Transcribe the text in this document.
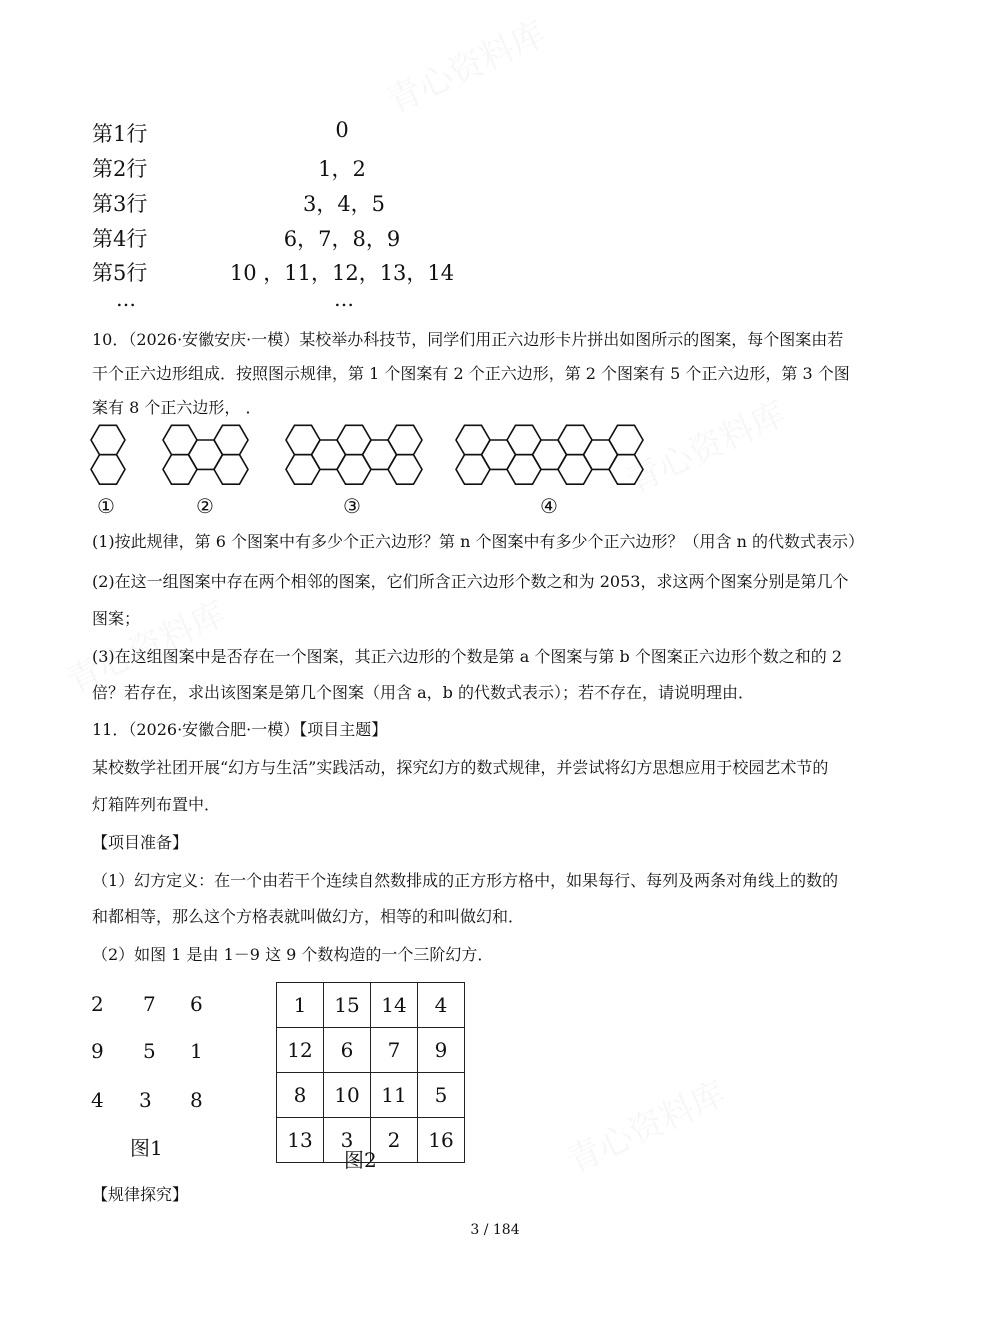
第1行	0
第2行	1，2
第3行	3，4，5
第4行	6，7，8，9
第5行	10 ，11，12，13，14
…	…
10．（2026·安徽安庆·一模）某校举办科技节，同学们用正六边形卡片拼出如图所示的图案，每个图案由若
干个正六边形组成．按照图示规律，第 1 个图案有 2 个正六边形，第 2 个图案有 5 个正六边形，第 3 个图
案有 8 个正六边形， ．
①	②	③	④
(1)按此规律，第 6 个图案中有多少个正六边形？第 n 个图案中有多少个正六边形？（用含 n 的代数式表示）
(2)在这一组图案中存在两个相邻的图案，它们所含正六边形个数之和为 2053，求这两个图案分别是第几个
图案；
(3)在这组图案中是否存在一个图案，其正六边形的个数是第 a 个图案与第 b 个图案正六边形个数之和的 2
倍？若存在，求出该图案是第几个图案（用含 a，b 的代数式表示）；若不存在，请说明理由．
11．（2026·安徽合肥·一模）【项目主题】
某校数学社团开展“幻方与生活”实践活动，探究幻方的数式规律，并尝试将幻方思想应用于校园艺术节的
灯箱阵列布置中．
【项目准备】
（1）幻方定义：在一个由若干个连续自然数排成的正方形方格中，如果每行、每列及两条对角线上的数的
和都相等，那么这个方格表就叫做幻方，相等的和叫做幻和．
（2）如图 1 是由 1－9 这 9 个数构造的一个三阶幻方．
2 7 6
9 5 1
4 3 8
图1
1	15	14	4
12	6	7	9
8	10	11	5
13	3	2	16
图2
【规律探究】
3 / 184
